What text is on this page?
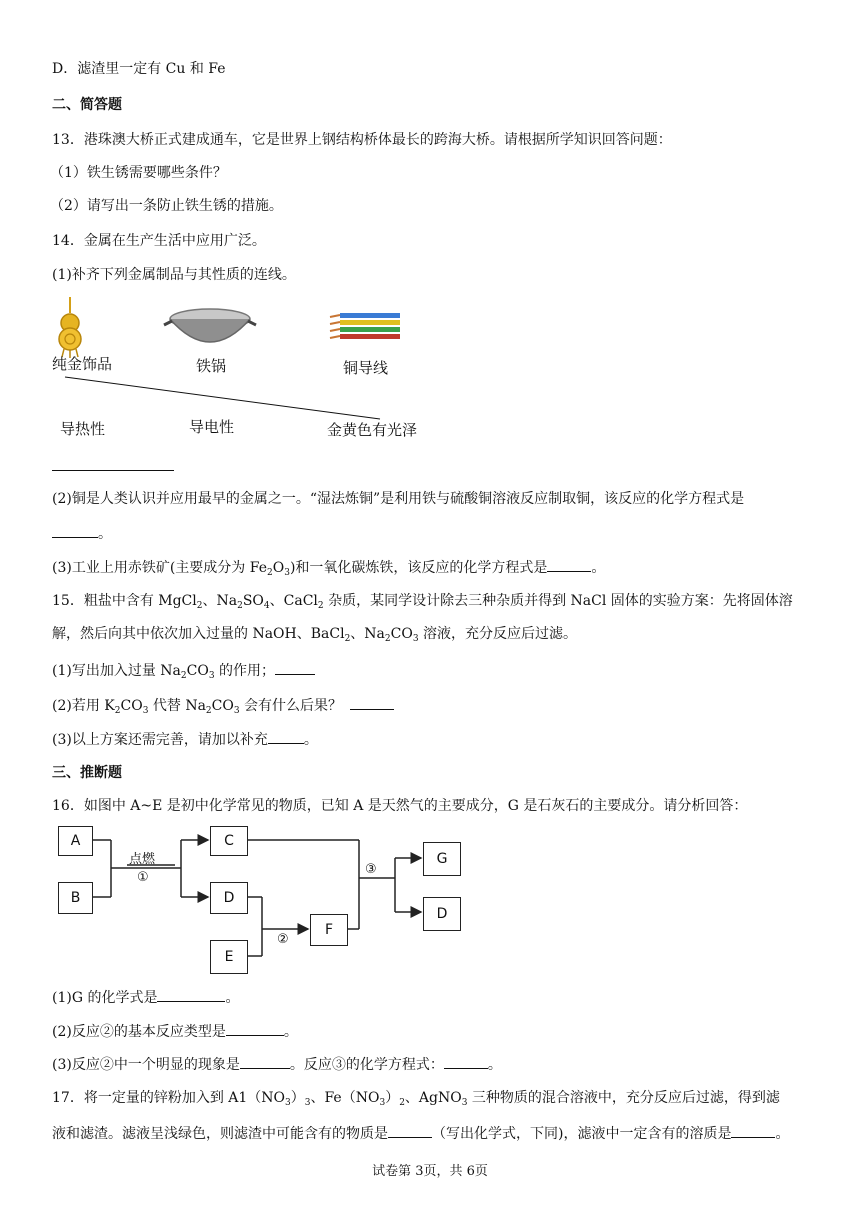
D．滤渣里一定有 Cu 和 Fe
二、简答题
13．港珠澳大桥正式建成通车，它是世界上钢结构桥体最长的跨海大桥。请根据所学知识回答问题：
（1）铁生锈需要哪些条件？
（2）请写出一条防止铁生锈的措施。
14．金属在生产生活中应用广泛。
(1)补齐下列金属制品与其性质的连线。
纯金饰品	铁锅	铜导线
导热性	导电性	金黄色有光泽
(2)铜是人类认识并应用最早的金属之一。“湿法炼铜”是利用铁与硫酸铜溶液反应制取铜，该反应的化学方程式是
。
(3)工业上用赤铁矿(主要成分为 $Fe_2O_3$)和一氧化碳炼铁，该反应的化学方程式是	。
15．粗盐中含有 MgCl$_2$、$Na_2SO_4$、CaCl$_2$ 杂质，某同学设计除去三种杂质并得到 NaCl 固体的实验方案：先将固体溶
解，然后向其中依次加入过量的 NaOH、BaCl$_2$、$Na_2CO_3$ 溶液，充分反应后过滤。
(1)写出加入过量 $Na_2CO_3$ 的作用；
(2)若用 $K_2CO_3$ 代替 $Na_2CO_3$ 会有什么后果？
(3)以上方案还需完善，请加以补充	。
三、推断题
16．如图中 A~E 是初中化学常见的物质，已知 A 是天然气的主要成分，G 是石灰石的主要成分。请分析回答：
A
B
C
D
E
F
G
D
点燃
①
②
③
(1)G 的化学式是	。
(2)反应②的基本反应类型是	。
(3)反应②中一个明显的现象是	。反应③的化学方程式：	。
17．将一定量的锌粉加入到 $A1(NO_3)_3$、$Fe(NO_3)_2$、AgNO$_3$ 三种物质的混合溶液中，充分反应后过滤，得到滤
液和滤渣。滤液呈浅绿色，则滤渣中可能含有的物质是	（写出化学式，下同)，滤液中一定含有的溶质是	。
试卷第 3页，共 6页
